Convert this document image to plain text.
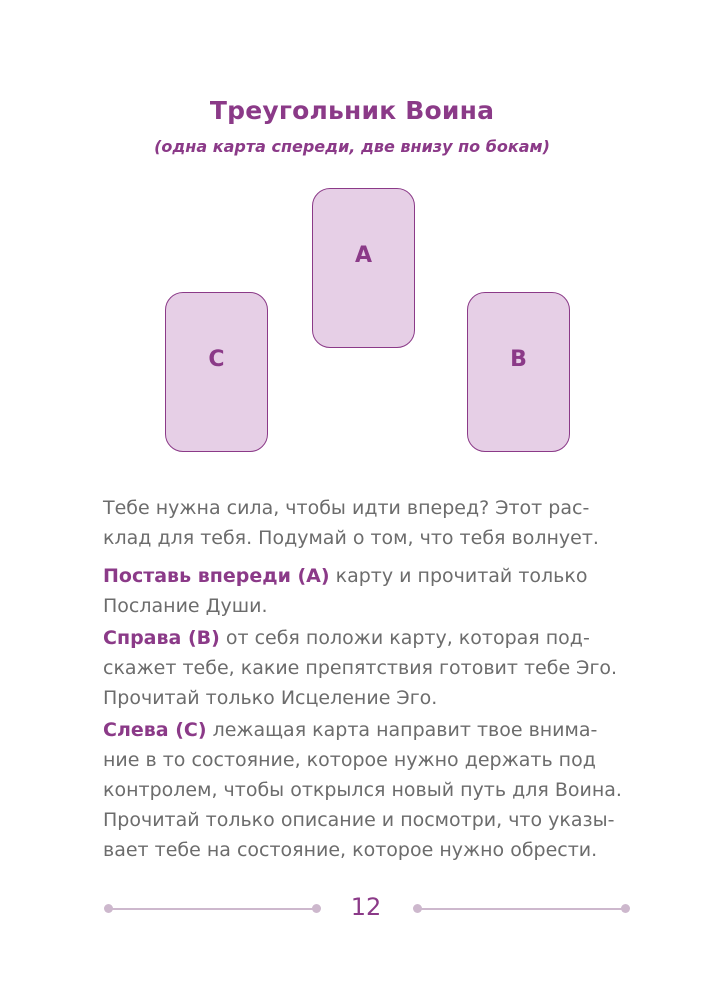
Треугольник Воина
(одна карта спереди, две внизу по бокам)
A
C	B

Тебе нужна сила, чтобы идти вперед? Этот рас-
клад для тебя. Подумай о том, что тебя волнует.

Поставь впереди (A) карту и прочитай только
Послание Души.

Справа (B) от себя положи карту, которая под-
скажет тебе, какие препятствия готовит тебе Эго.
Прочитай только Исцеление Эго.

Слева (C) лежащая карта направит твое внима-
ние в то состояние, которое нужно держать под
контролем, чтобы открылся новый путь для Воина.
Прочитай только описание и посмотри, что указы-
вает тебе на состояние, которое нужно обрести.

12
